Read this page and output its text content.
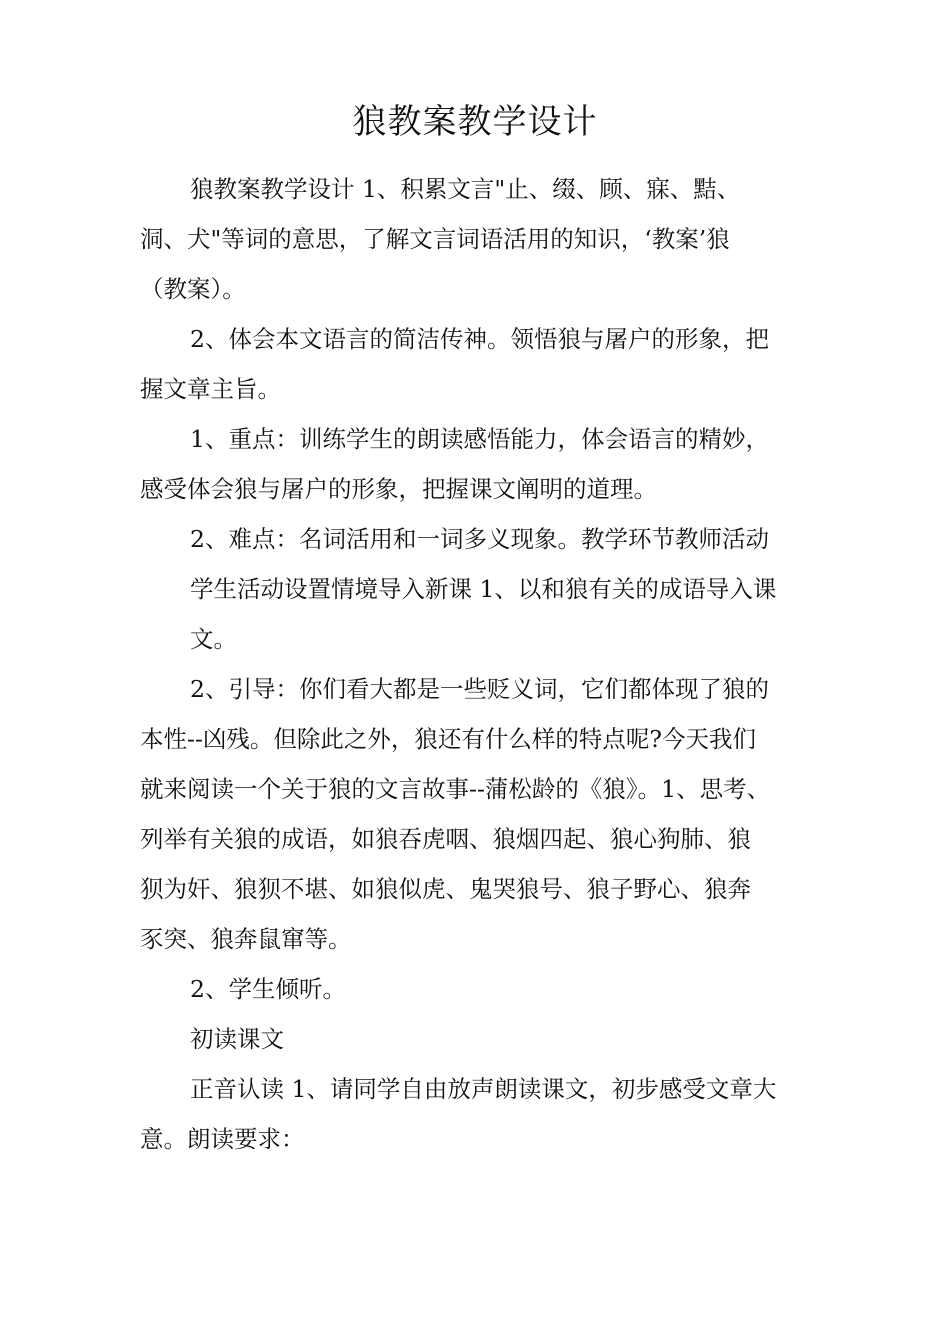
狼教案教学设计
狼教案教学设计 1、积累文言"止、缀、顾、寐、黠、
洞、犬"等词的意思，了解文言词语活用的知识，‘教案’狼
（教案）。
2、体会本文语言的简洁传神。领悟狼与屠户的形象，把
握文章主旨。
1、重点：训练学生的朗读感悟能力，体会语言的精妙，
感受体会狼与屠户的形象，把握课文阐明的道理。
2、难点：名词活用和一词多义现象。教学环节教师活动
学生活动设置情境导入新课 1、以和狼有关的成语导入课
文。
2、引导：你们看大都是一些贬义词，它们都体现了狼的
本性--凶残。但除此之外，狼还有什么样的特点呢?今天我们
就来阅读一个关于狼的文言故事--蒲松龄的《狼》。1、思考、
列举有关狼的成语，如狼吞虎咽、狼烟四起、狼心狗肺、狼
狈为奸、狼狈不堪、如狼似虎、鬼哭狼号、狼子野心、狼奔
豕突、狼奔鼠窜等。
2、学生倾听。
初读课文
正音认读 1、请同学自由放声朗读课文，初步感受文章大
意。朗读要求：
